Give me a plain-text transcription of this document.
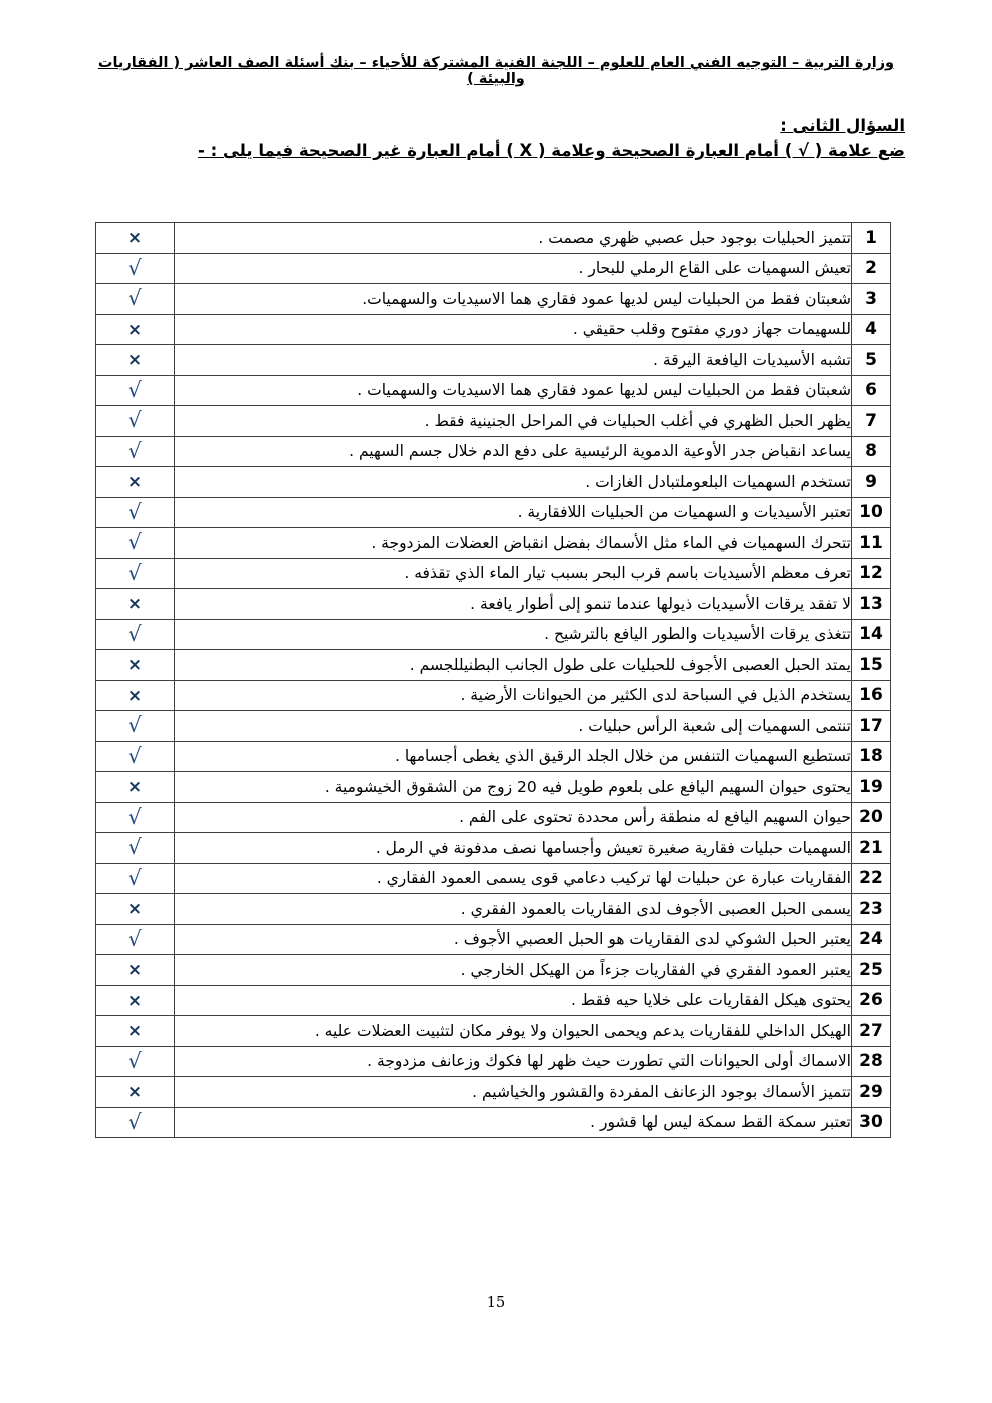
وزارة التربية – التوجيه الفني العام للعلوم – اللجنة الفنية المشتركة للأحياء – بنك أسئلة الصف العاشر ( الفقاريات والبيئة )

السؤال الثانى :

ضع علامة ( √ ) أمام العبارة الصحيحة وعلامة ( X ) أمام العبارة غير الصحيحة فيما يلى : -

1	تتميز الحبليات بوجود حبل عصبي ظهري مصمت .	×
2	تعيش السهميات على القاع الرملي للبحار .	√
3	شعبتان فقط من الحبليات ليس لديها عمود فقاري هما الاسيديات والسهميات.	√
4	للسهيمات جهاز دوري مفتوح وقلب حقيقي .	×
5	تشبه الأسيديات اليافعة اليرقة .	×
6	شعبتان فقط من الحبليات ليس لديها عمود فقاري هما الاسيديات والسهميات .	√
7	يظهر الحبل الظهري في أغلب الحبليات في المراحل الجنينية فقط .	√
8	يساعد انقباض جدر الأوعية الدموية الرئيسية على دفع الدم خلال جسم السهيم .	√
9	تستخدم السهميات البلعوملتبادل الغازات .	×
10	تعتبر الأسيديات و السهميات من الحبليات اللافقارية .	√
11	تتحرك السهميات في الماء مثل الأسماك بفضل انقباض العضلات المزدوجة .	√
12	تعرف معظم الأسيديات باسم قرب البحر بسبب تيار الماء الذي تقذفه .	√
13	لا تفقد يرقات الأسيديات ذيولها عندما تنمو إلى أطوار يافعة .	×
14	تتغذى يرقات الأسيديات والطور اليافع بالترشيح .	√
15	يمتد الحبل العصبى الأجوف للحبليات على طول الجانب البطنيللجسم .	×
16	يستخدم الذيل في السباحة لدى الكثير من الحيوانات الأرضية .	×
17	تنتمى السهميات إلى شعبة الرأس حبليات .	√
18	تستطيع السهميات التنفس من خلال الجلد الرقيق الذي يغطى أجسامها .	√
19	يحتوى حيوان السهيم اليافع على بلعوم طويل فيه 20 زوج من الشقوق الخيشومية .	×
20	حيوان السهيم اليافع له منطقة رأس محددة تحتوى على الفم .	√
21	السهميات حبليات فقارية صغيرة تعيش وأجسامها نصف مدفونة في الرمل .	√
22	الفقاريات عبارة عن حبليات لها تركيب دعامي قوى يسمى العمود الفقاري .	√
23	يسمى الحبل العصبى الأجوف لدى الفقاريات بالعمود الفقري .	×
24	يعتبر الحبل الشوكي لدى الفقاريات هو الحبل العصبي الأجوف .	√
25	يعتبر العمود الفقري في الفقاريات جزءاً من الهيكل الخارجي .	×
26	يحتوى هيكل الفقاريات على خلايا حيه فقط .	×
27	الهيكل الداخلي للفقاريات يدعم ويحمى الحيوان ولا يوفر مكان لتثبيت العضلات عليه .	×
28	الاسماك أولى الحيوانات التي تطورت حيث ظهر لها فكوك وزعانف مزدوجة .	√
29	تتميز الأسماك بوجود الزعانف المفردة والقشور والخياشيم .	×
30	تعتبر سمكة القط سمكة ليس لها قشور .	√
15
